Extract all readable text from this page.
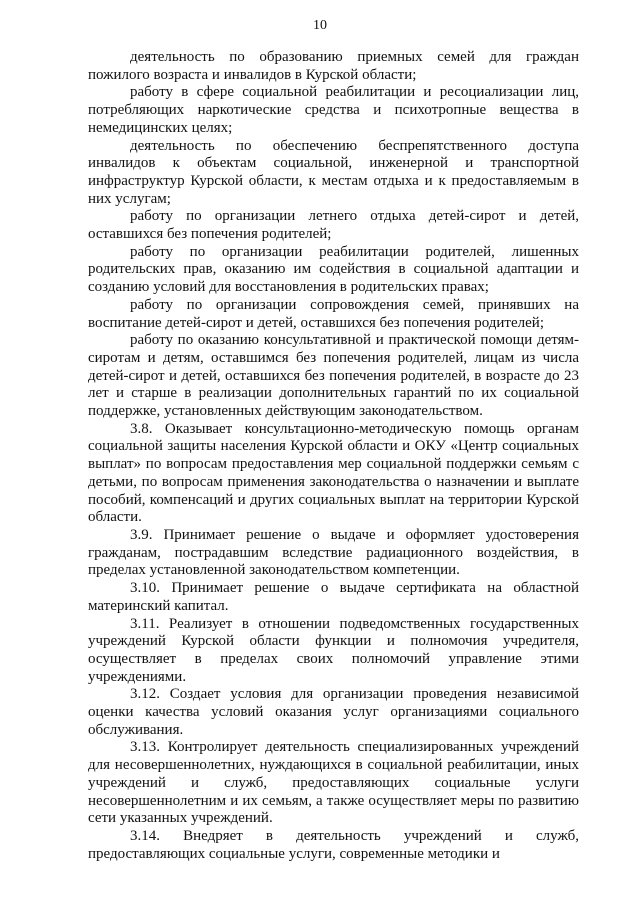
10

деятельность по образованию приемных семей для граждан пожилого возраста и инвалидов в Курской области;

работу в сфере социальной реабилитации и ресоциализации лиц, потребляющих наркотические средства и психотропные вещества в немедицинских целях;

деятельность по обеспечению беспрепятственного доступа инвалидов к объектам социальной, инженерной и транспортной инфраструктур Курской области, к местам отдыха и к предоставляемым в них услугам;

работу по организации летнего отдыха детей-сирот и детей, оставшихся без попечения родителей;

работу по организации реабилитации родителей, лишенных родительских прав, оказанию им содействия в социальной адаптации и созданию условий для восстановления в родительских правах;

работу по организации сопровождения семей, принявших на воспитание детей-сирот и детей, оставшихся без попечения родителей;

работу по оказанию консультативной и практической помощи детям-сиротам и детям, оставшимся без попечения родителей, лицам из числа детей-сирот и детей, оставшихся без попечения родителей, в возрасте до 23 лет и старше в реализации дополнительных гарантий по их социальной поддержке, установленных действующим законодательством.

3.8. Оказывает консультационно-методическую помощь органам социальной защиты населения Курской области и ОКУ «Центр социальных выплат» по вопросам предоставления мер социальной поддержки семьям с детьми, по вопросам применения законодательства о назначении и выплате пособий, компенсаций и других социальных выплат на территории Курской области.

3.9. Принимает решение о выдаче и оформляет удостоверения гражданам, пострадавшим вследствие радиационного воздействия, в пределах установленной законодательством компетенции.

3.10. Принимает решение о выдаче сертификата на областной материнский капитал.

3.11. Реализует в отношении подведомственных государственных учреждений Курской области функции и полномочия учредителя, осуществляет в пределах своих полномочий управление этими учреждениями.

3.12. Создает условия для организации проведения независимой оценки качества условий оказания услуг организациями социального обслуживания.

3.13. Контролирует деятельность специализированных учреждений для несовершеннолетних, нуждающихся в социальной реабилитации, иных учреждений и служб, предоставляющих социальные услуги несовершеннолетним и их семьям, а также осуществляет меры по развитию сети указанных учреждений.

3.14. Внедряет в деятельность учреждений и служб, предоставляющих социальные услуги, современные методики и
